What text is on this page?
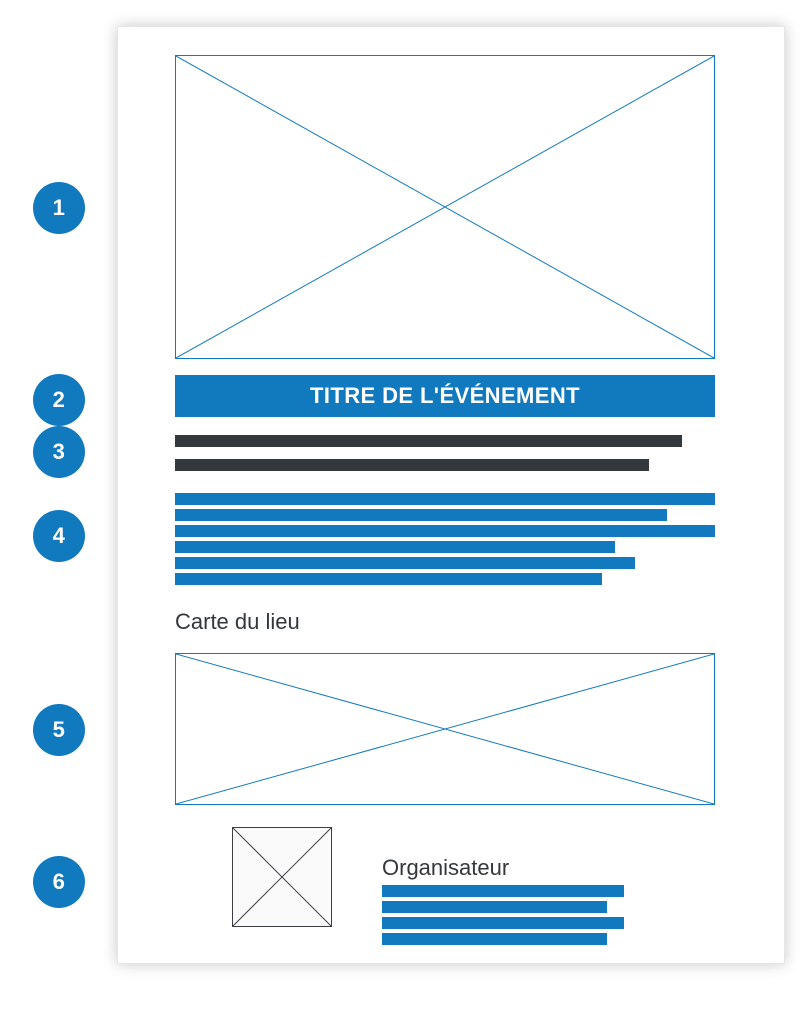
1
2
3
4
5
6
TITRE DE L'ÉVÉNEMENT
Carte du lieu
Organisateur
